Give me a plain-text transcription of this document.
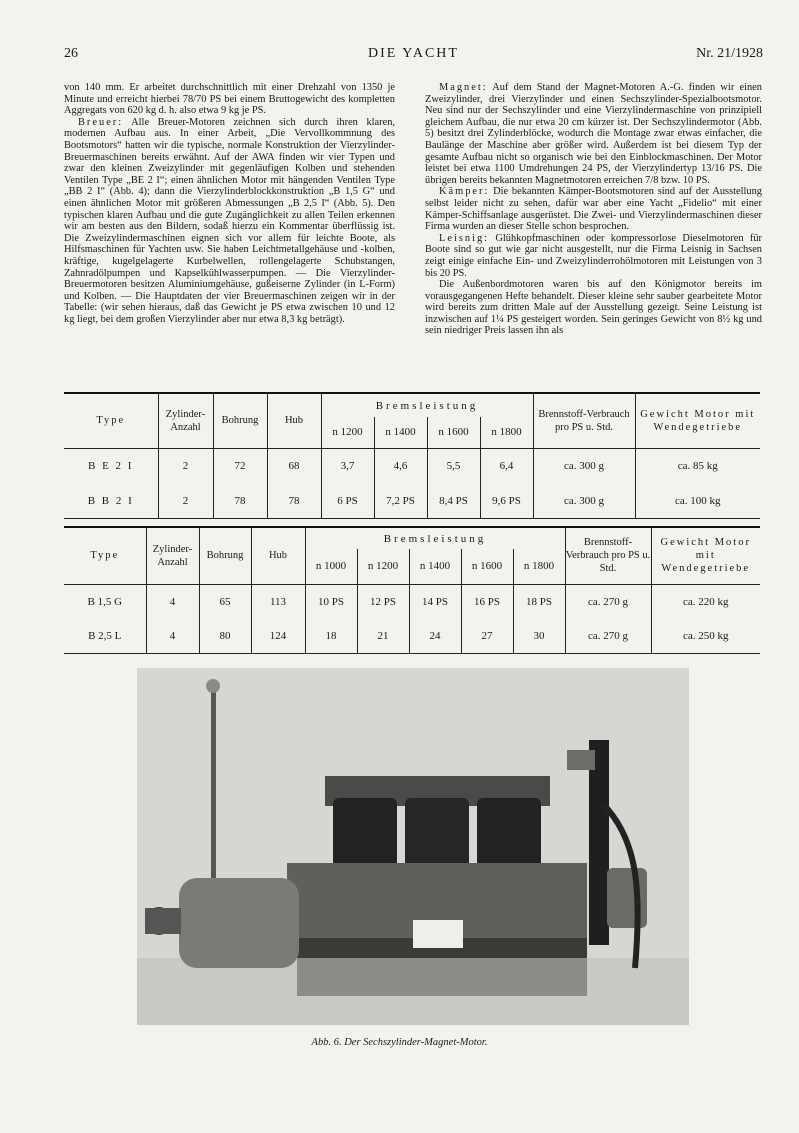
26	DIE YACHT	Nr. 21/1928

von 140 mm. Er arbeitet durchschnittlich mit einer Drehzahl von 1350 je Minute und erreicht hierbei 78/70 PS bei einem Bruttogewicht des kompletten Aggregats von 620 kg d. h. also etwa 9 kg je PS.

Breuer: Alle Breuer-Motoren zeichnen sich durch ihren klaren, modernen Aufbau aus. In einer Arbeit, „Die Vervollkommnung des Bootsmotors“ hatten wir die typische, normale Konstruktion der Vierzylinder-Breuermaschinen bereits erwähnt. Auf der AWA finden wir vier Typen und zwar den kleinen Zweizylinder mit gegenläufigen Kolben und stehenden Ventilen Type „BE 2 I“; einen ähnlichen Motor mit hängenden Ventilen Type „BB 2 I“ (Abb. 4); dann die Vierzylinderblockkonstruktion „B 1,5 G“ und einen ähnlichen Motor mit größeren Abmessungen „B 2,5 I“ (Abb. 5). Den typischen klaren Aufbau und die gute Zugänglichkeit zu allen Teilen erkennen wir am besten aus den Bildern, sodaß hierzu ein Kommentar überflüssig ist. Die Zweizylindermaschinen eignen sich vor allem für leichte Boote, als Hilfsmaschinen für Yachten usw. Sie haben Leichtmetallgehäuse und -kolben, kräftige, kugelgelagerte Kurbelwellen, rollengelagerte Schubstangen, Zahnradölpumpen und Kapselkühlwasserpumpen. — Die Vierzylinder-Breuermotoren besitzen Aluminiumgehäuse, gußeiserne Zylinder (in L-Form) und Kolben. — Die Hauptdaten der vier Breuermaschinen zeigen wir in der Tabelle: (wir sehen hieraus, daß das Gewicht je PS etwa zwischen 10 und 12 kg liegt, bei dem großen Vierzylinder aber nur etwa 8,3 kg beträgt).

Magnet: Auf dem Stand der Magnet-Motoren A.-G. finden wir einen Zweizylinder, drei Vierzylinder und einen Sechszylinder-Spezialbootsmotor. Neu sind nur der Sechszylinder und eine Vierzylindermaschine von prinzipiell gleichem Aufbau, die nur etwa 20 cm kürzer ist. Der Sechszylindermotor (Abb. 5) besitzt drei Zylinderblöcke, wodurch die Montage zwar etwas einfacher, die Baulänge der Maschine aber größer wird. Außerdem ist bei diesem Typ der gesamte Aufbau nicht so organisch wie bei den Einblockmaschinen. Der Motor leistet bei etwa 1100 Umdrehungen 24 PS, der Vierzylindertyp 13/16 PS. Die übrigen bereits bekannten Magnetmotoren erreichen 7/8 bzw. 10 PS.

Kämper: Die bekannten Kämper-Bootsmotoren sind auf der Ausstellung selbst leider nicht zu sehen, dafür war aber eine Yacht „Fidelio“ mit einer Kämper-Schiffsanlage ausgerüstet. Die Zwei- und Vierzylindermaschinen dieser Firma wurden an dieser Stelle schon besprochen.

Leisnig: Glühkopfmaschinen oder kompressorlose Dieselmotoren für Boote sind so gut wie gar nicht ausgestellt, nur die Firma Leisnig in Sachsen zeigt einige einfache Ein- und Zweizylinderrohölmotoren mit Leistungen von 3 bis 20 PS.

Die Außenbordmotoren waren bis auf den Königmotor bereits im vorausgegangenen Hefte behandelt. Dieser kleine sehr sauber gearbeitete Motor wird bereits zum dritten Male auf der Ausstellung gezeigt. Seine Leistung ist inzwischen auf 1¼ PS gesteigert worden. Sein geringes Gewicht von 8½ kg und sein niedriger Preis lassen ihn als

Type	Zylinder-Anzahl	Bohrung	Hub	Bremsleistung				Brennstoff-Verbrauch pro PS u. Std.	Gewicht Motor mit Wendegetriebe
				n 1200	n 1400	n 1600	n 1800		
B E 2 I	2	72	68	3,7	4,6	5,5	6,4	ca. 300 g	ca. 85 kg
B B 2 I	2	78	78	6 PS	7,2 PS	8,4 PS	9,6 PS	ca. 300 g	ca. 100 kg
Type	Zylinder-Anzahl	Bohrung	Hub	Bremsleistung					Brennstoff-Verbrauch pro PS u. Std.	Gewicht Motor mit Wendegetriebe
				n 1000	n 1200	n 1400	n 1600	n 1800		
B 1,5 G	4	65	113	10 PS	12 PS	14 PS	16 PS	18 PS	ca. 270 g	ca. 220 kg
B 2,5 L	4	80	124	18	21	24	27	30	ca. 270 g	ca. 250 kg
Abb. 6. Der Sechszylinder-Magnet-Motor.
